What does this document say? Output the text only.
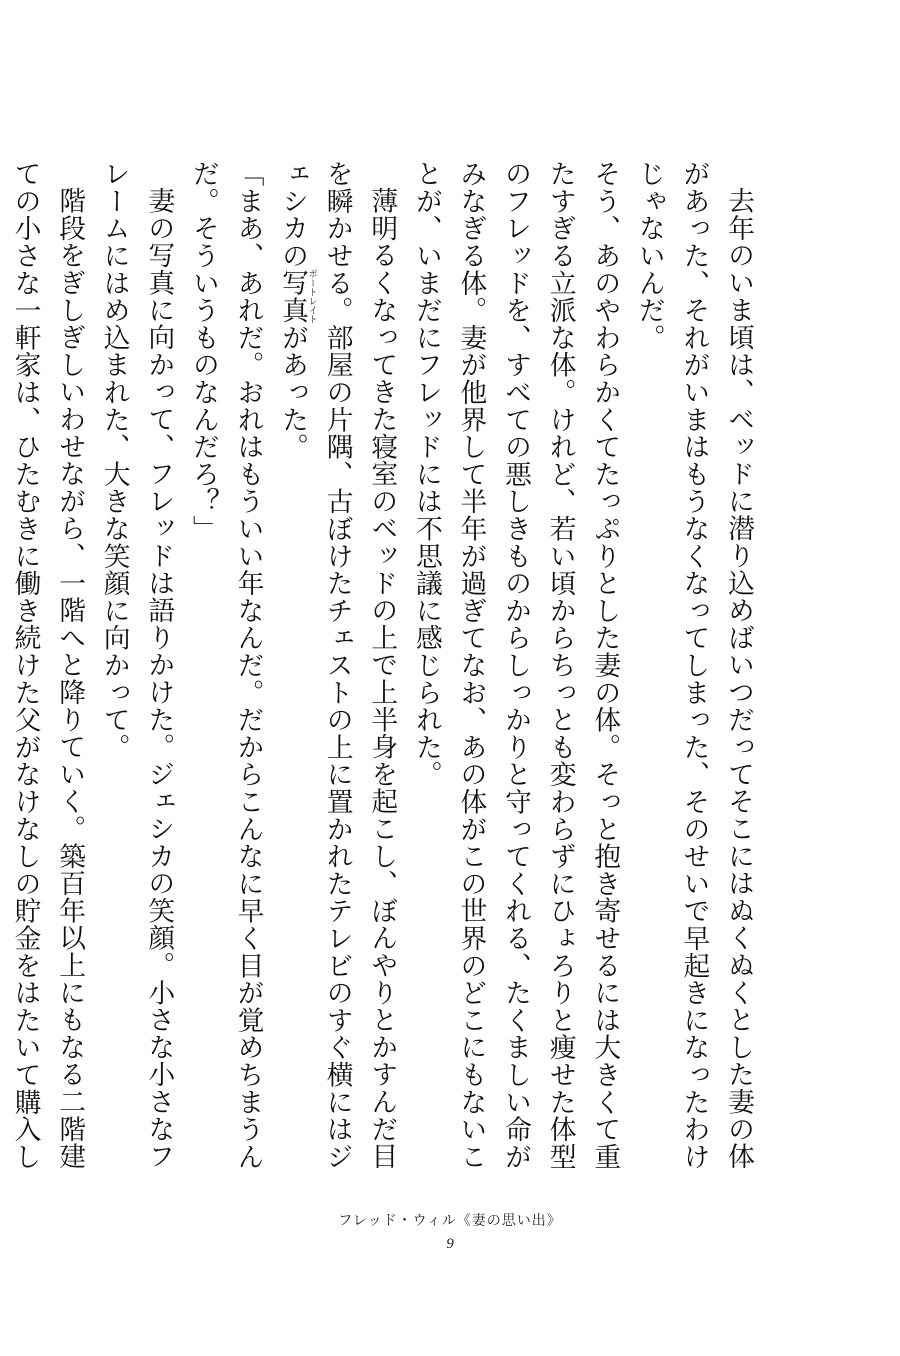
去年のいま頃は、ベッドに潜り込めばいつだってそこにはぬくぬくとした妻の体があった、それがいまはもうなくなってしまった、そのせいで早起きになったわけじゃないんだ。

そう、あのやわらかくてたっぷりとした妻の体。そっと抱き寄せるには大きくて重たすぎる立派な体。けれど、若い頃からちっとも変わらずにひょろりと痩せた体型のフレッドを、すべての悪しきものからしっかりと守ってくれる、たくましい命がみなぎる体。妻が他界して半年が過ぎてなお、あの体がこの世界のどこにもないことが、いまだにフレッドには不思議に感じられた。

薄明るくなってきた寝室のベッドの上で上半身を起こし、ぼんやりとかすんだ目を瞬かせる。部屋の片隅、古ぼけたチェストの上に置かれたテレビのすぐ横にはジェシカの写真ポートレイトがあった。

「まあ、あれだ。おれはもういい年なんだ。だからこんなに早く目が覚めちまうんだ。そういうものなんだろ？」

妻の写真に向かって、フレッドは語りかけた。ジェシカの笑顔。小さな小さなフレームにはめ込まれた、大きな笑顔に向かって。

階段をぎしぎしいわせながら、一階へと降りていく。築百年以上にもなる二階建ての小さな一軒家は、ひたむきに働き続けた父がなけなしの貯金をはたいて購入し

フレッド・ウィル《妻の思い出》
9
